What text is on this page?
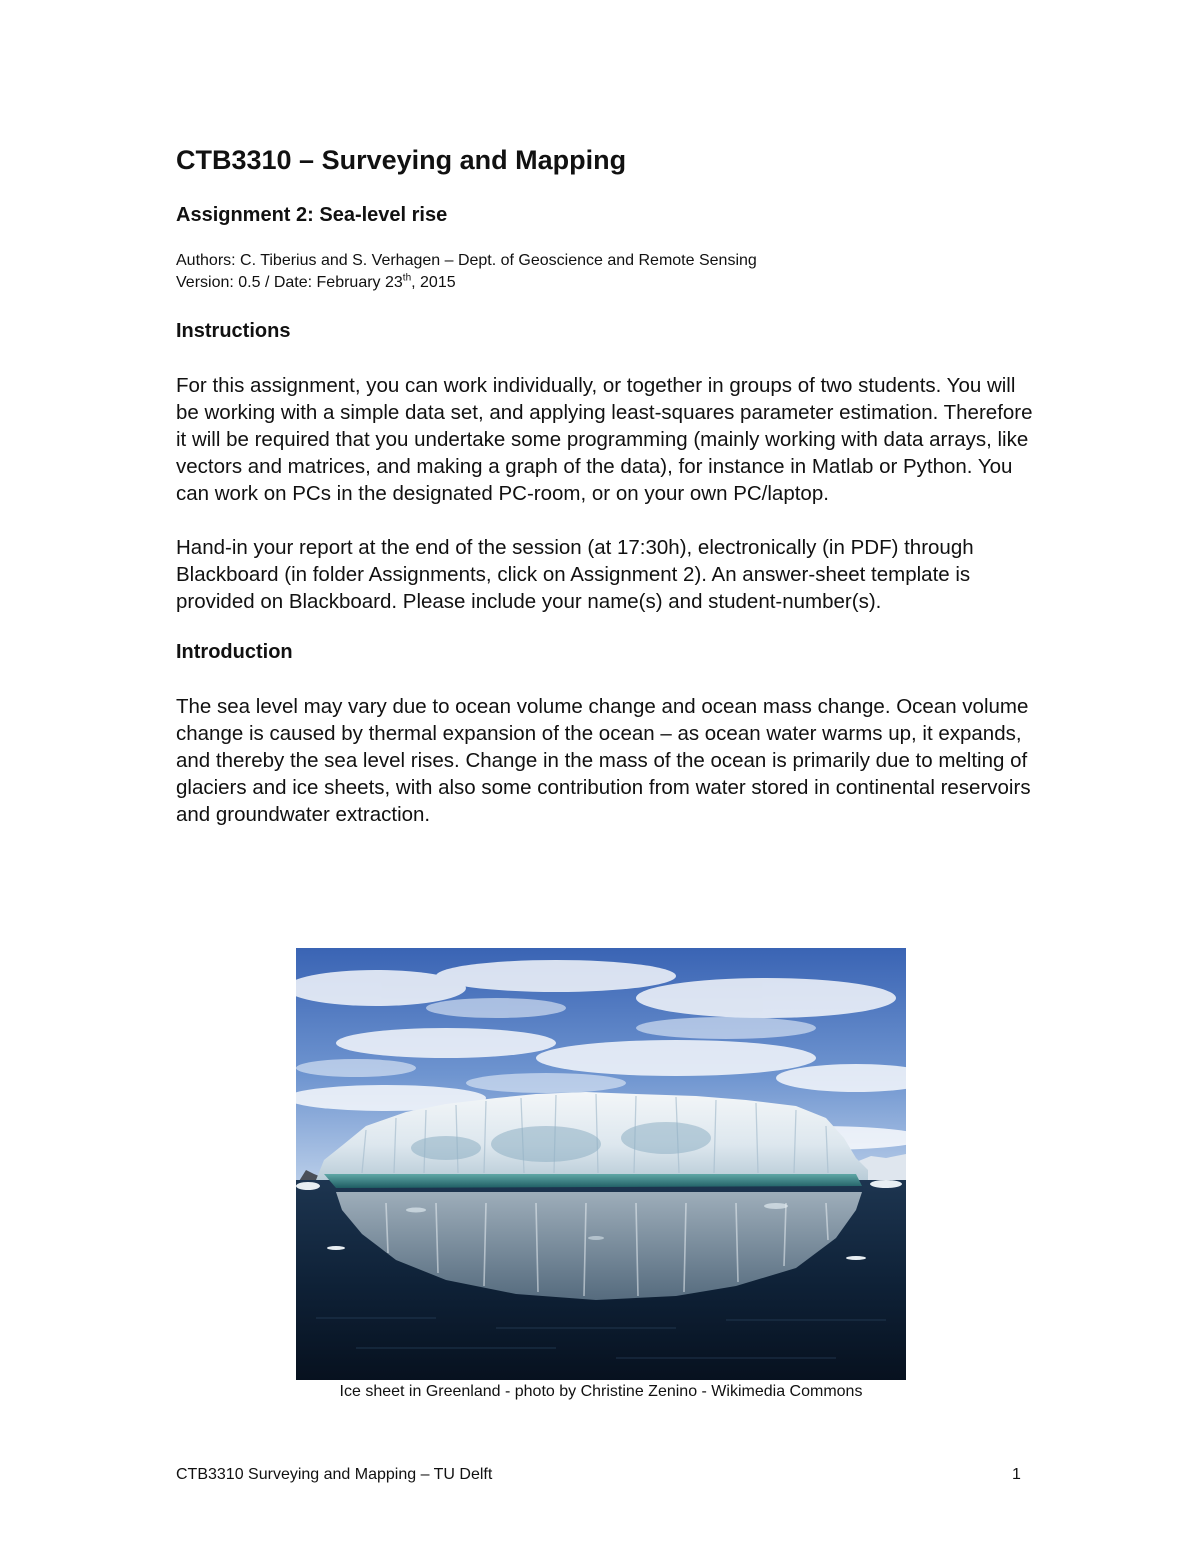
CTB3310 – Surveying and Mapping
Assignment 2: Sea-level rise
Authors: C. Tiberius and S. Verhagen – Dept. of Geoscience and Remote Sensing
Version: 0.5 / Date: February 23th, 2015
Instructions

For this assignment, you can work individually, or together in groups of two students. You will be working with a simple data set, and applying least-squares parameter estimation. Therefore it will be required that you undertake some programming (mainly working with data arrays, like vectors and matrices, and making a graph of the data), for instance in Matlab or Python. You can work on PCs in the designated PC-room, or on your own PC/laptop.

Hand-in your report at the end of the session (at 17:30h), electronically (in PDF) through Blackboard (in folder Assignments, click on Assignment 2). An answer-sheet template is provided on Blackboard. Please include your name(s) and student-number(s).

Introduction

The sea level may vary due to ocean volume change and ocean mass change. Ocean volume change is caused by thermal expansion of the ocean – as ocean water warms up, it expands, and thereby the sea level rises. Change in the mass of the ocean is primarily due to melting of glaciers and ice sheets, with also some contribution from water stored in continental reservoirs and groundwater extraction.

Ice sheet in Greenland - photo by Christine Zenino - Wikimedia Commons
CTB3310 Surveying and Mapping – TU Delft	1
